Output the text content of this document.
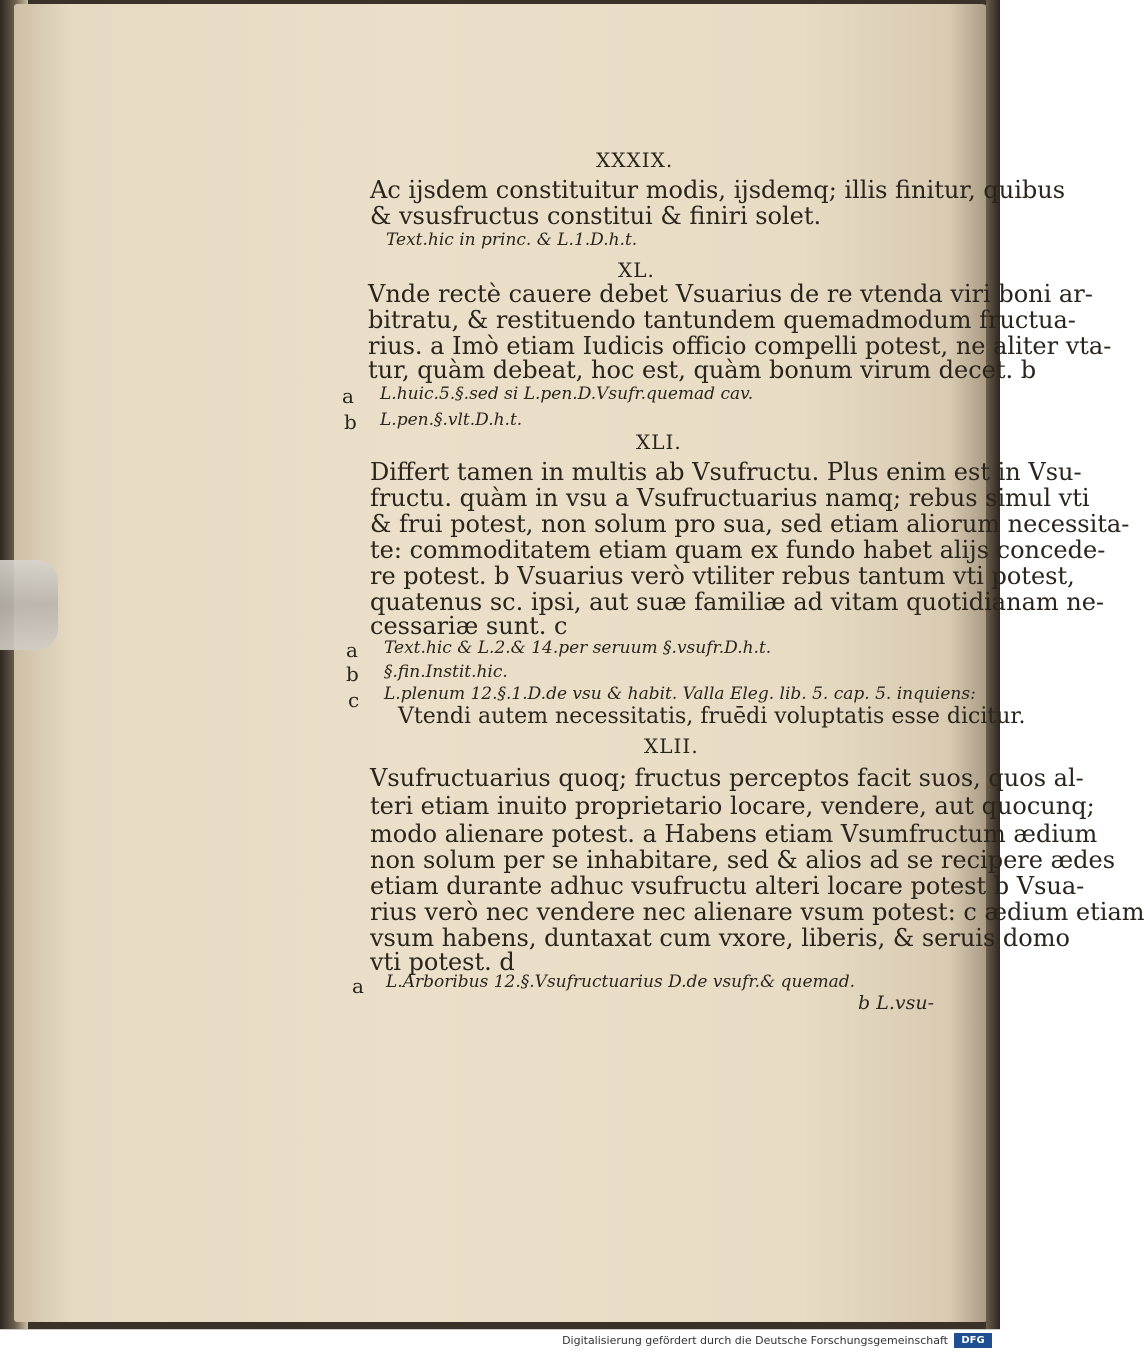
XXXIX.
Ac ijsdem constituitur modis, ijsdemq; illis finitur, quibus
& vsusfructus constitui & finiri solet.
Text.hic in princ. & L.1.D.h.t.
XL.
Vnde rectè cauere debet Vsuarius de re vtenda viri boni ar-
bitratu, & restituendo tantundem quemadmodum fructua-
rius. a Imò etiam Iudicis officio compelli potest, ne aliter vta-
tur, quàm debeat, hoc est, quàm bonum virum decet. b
a L.huic.5.§.sed si L.pen.D.Vsufr.quemad cav.
b L.pen.§.vlt.D.h.t.
XLI.
Differt tamen in multis ab Vsufructu. Plus enim est in Vsu-
fructu. quàm in vsu a Vsufructuarius namq; rebus simul vti
& frui potest, non solum pro sua, sed etiam aliorum necessita-
te: commoditatem etiam quam ex fundo habet alijs concede-
re potest. b Vsuarius verò vtiliter rebus tantum vti potest,
quatenus sc. ipsi, aut suæ familiæ ad vitam quotidianam ne-
cessariæ sunt. c
a Text.hic & L.2.& 14.per seruum §.vsufr.D.h.t.
b §.fin.Instit.hic.
c L.plenum 12.§.1.D.de vsu & habit. Valla Eleg. lib. 5. cap. 5. inquiens:
Vtendi autem necessitatis, fruēdi voluptatis esse dicitur.
XLII.
Vsufructuarius quoq; fructus perceptos facit suos, quos al-
teri etiam inuito proprietario locare, vendere, aut quocunq;
modo alienare potest. a Habens etiam Vsumfructum ædium
non solum per se inhabitare, sed & alios ad se recipere ædes
etiam durante adhuc vsufructu alteri locare potest b Vsua-
rius verò nec vendere nec alienare vsum potest: c ædium etiam
vsum habens, duntaxat cum vxore, liberis, & seruis domo
vti potest. d
a L.Arboribus 12.§.Vsufructuarius D.de vsufr.& quemad.
b L.vsu-
Digitalisierung gefördert durch die Deutsche Forschungsgemeinschaft	DFG
